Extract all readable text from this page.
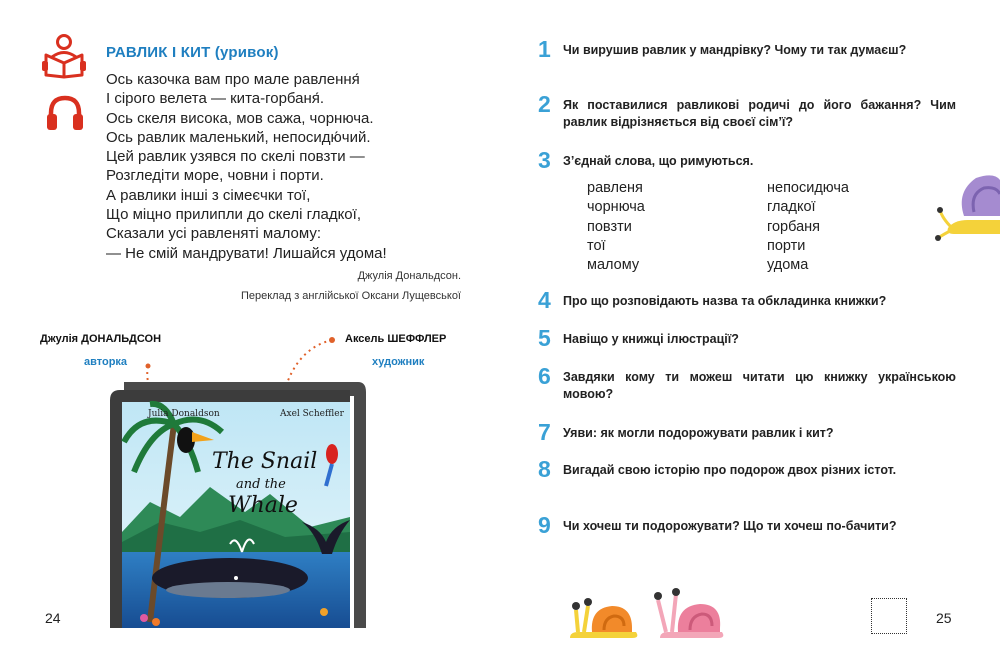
РАВЛИК І КИТ (уривок)
Ось казочка вам про мале равлення́
І сірого велета — кита-горбаня́.
Ось скеля висока, мов сажа, чорнюча.
Ось равлик маленький, непосидю́чий.
Цей равлик узявся по скелі повзти —
Розгледіти море, човни і порти.
А равлики інші з сімеєчки тої,
Що міцно прилипли до скелі гладкої,
Сказали усі равленяті малому:
— Не смій мандрувати! Лишайся удома!
Джулія Дональдсон.
Переклад з англійської Оксани Лущевської
Джулія ДОНАЛЬДСОН
авторка
Аксель ШЕФФЛЕР
художник
Julia Donaldson	Axel Scheffler
The Snail
and the
Whale
24
1 Чи вирушив равлик у мандрівку? Чому ти так думаєш?
2 Як поставилися равликові родичі до його бажання? Чим равлик відрізняється від своєї сім’ї?
3 З’єднай слова, що римуються.
равленя
чорнюча
повзти
тої
малому
непосидюча
гладкої
горбаня
порти
удома
4 Про що розповідають назва та обкладинка книжки?
5 Навіщо у книжці ілюстрації?
6 Завдяки кому ти можеш читати цю книжку українською мовою?
7 Уяви: як могли подорожувати равлик і кит?
8 Вигадай свою історію про подорож двох різних істот.
9 Чи хочеш ти подорожувати? Що ти хочеш по-бачити?
25
